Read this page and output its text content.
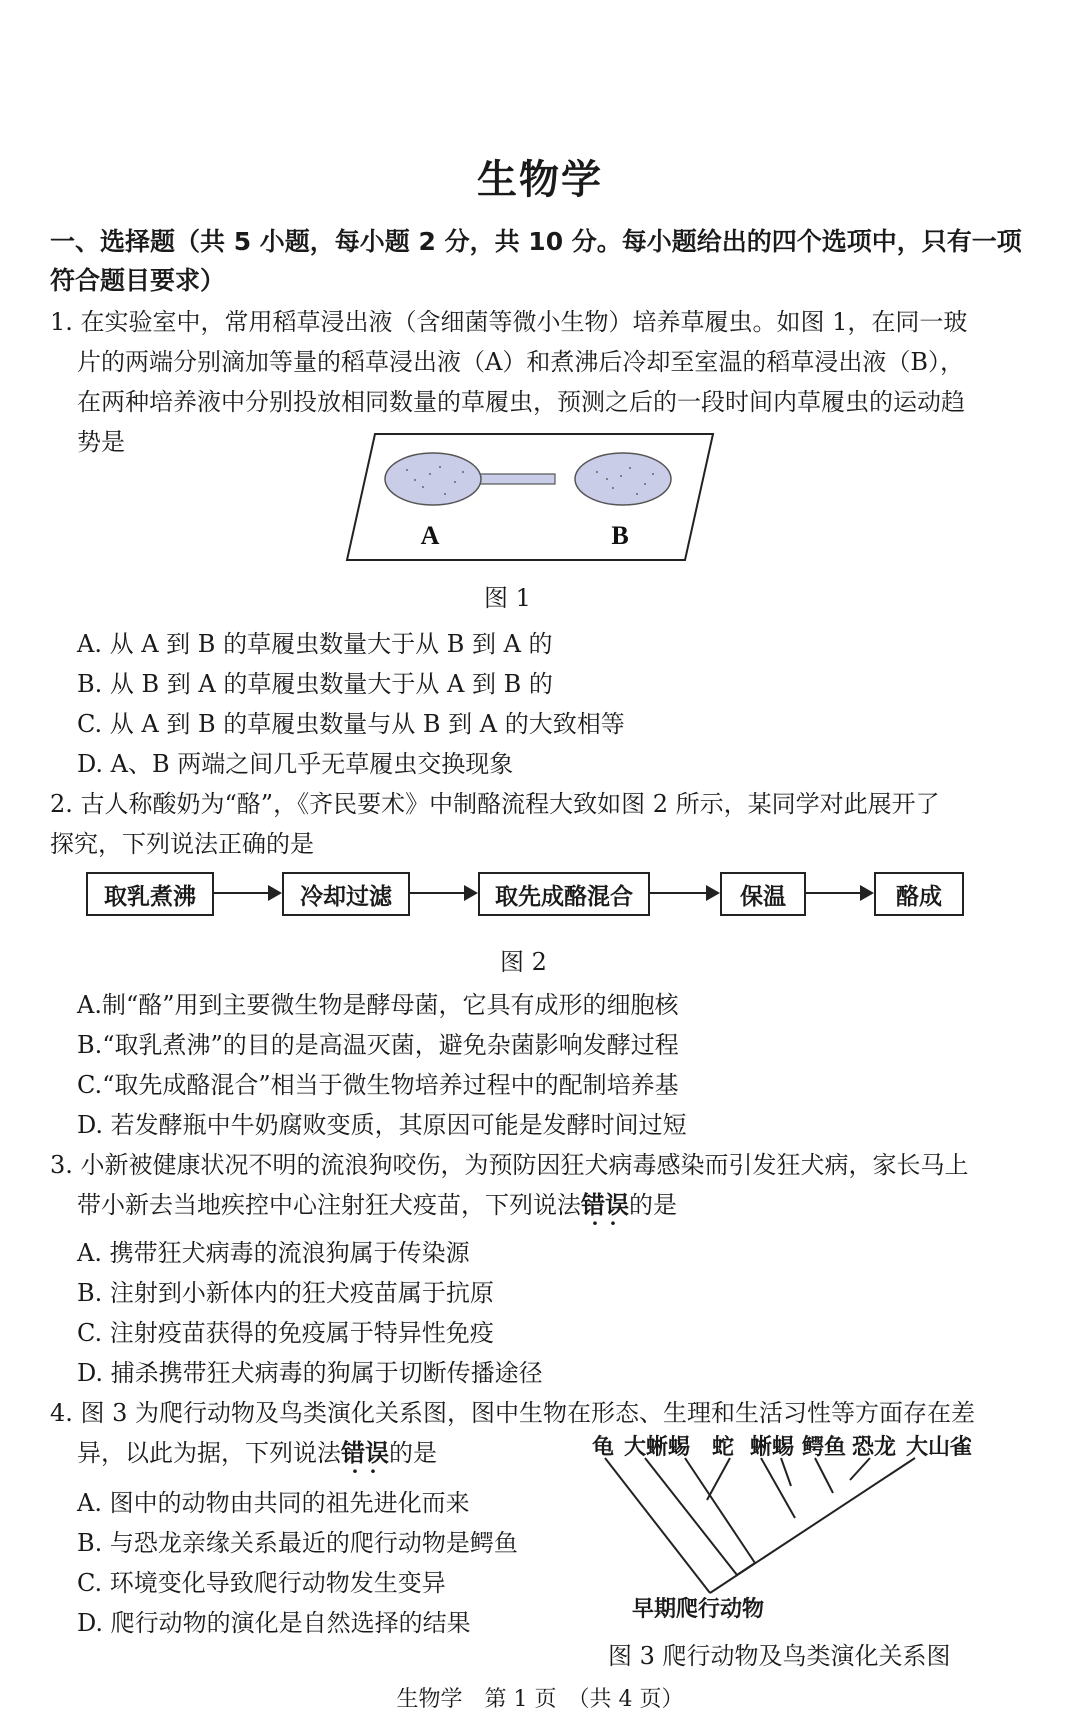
生物学
一、选择题（共 5 小题，每小题 2 分，共 10 分。每小题给出的四个选项中，只有一项
符合题目要求）
1. 在实验室中，常用稻草浸出液（含细菌等微小生物）培养草履虫。如图 1，在同一玻
片的两端分别滴加等量的稻草浸出液（A）和煮沸后冷却至室温的稻草浸出液（B），
在两种培养液中分别投放相同数量的草履虫，预测之后的一段时间内草履虫的运动趋
势是
A	B
图 1
A. 从 A 到 B 的草履虫数量大于从 B 到 A 的
B. 从 B 到 A 的草履虫数量大于从 A 到 B 的
C. 从 A 到 B 的草履虫数量与从 B 到 A 的大致相等
D. A、B 两端之间几乎无草履虫交换现象
2. 古人称酸奶为“酪”，《齐民要术》中制酪流程大致如图 2 所示，某同学对此展开了
探究，下列说法正确的是
取乳煮沸	冷却过滤	取先成酪混合	保温	酪成
图 2
A.制“酪”用到主要微生物是酵母菌，它具有成形的细胞核
B.“取乳煮沸”的目的是高温灭菌，避免杂菌影响发酵过程
C.“取先成酪混合”相当于微生物培养过程中的配制培养基
D. 若发酵瓶中牛奶腐败变质，其原因可能是发酵时间过短
3. 小新被健康状况不明的流浪狗咬伤，为预防因狂犬病毒感染而引发狂犬病，家长马上
带小新去当地疾控中心注射狂犬疫苗，下列说法错误 · ·的是
A. 携带狂犬病毒的流浪狗属于传染源
B. 注射到小新体内的狂犬疫苗属于抗原
C. 注射疫苗获得的免疫属于特异性免疫
D. 捕杀携带狂犬病毒的狗属于切断传播途径
4. 图 3 为爬行动物及鸟类演化关系图，图中生物在形态、生理和生活习性等方面存在差
异，以此为据，下列说法错误 · ·的是
A. 图中的动物由共同的祖先进化而来
B. 与恐龙亲缘关系最近的爬行动物是鳄鱼
C. 环境变化导致爬行动物发生变异
D. 爬行动物的演化是自然选择的结果
龟 大蜥蜴 蛇 蜥蜴 鳄鱼 恐龙 大山雀
早期爬行动物
图 3 爬行动物及鸟类演化关系图
生物学　第 1 页　（共 4 页）
